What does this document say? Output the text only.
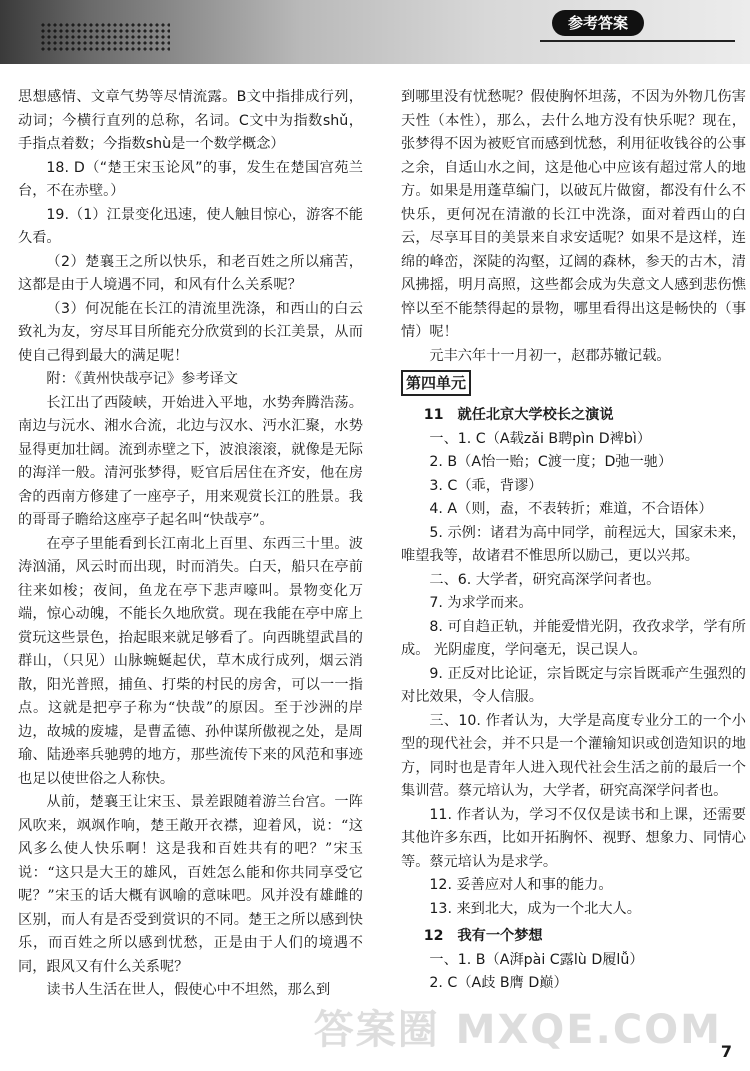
参考答案

思想感情、文章气势等尽情流露。B文中指排成行列，动词；今横行直列的总称，名词。C文中为指数shǔ，手指点着数；今指数shù是一个数学概念）

18. D（“楚王宋玉论风”的事，发生在楚国宫苑兰台，不在赤壁。）

19.（1）江景变化迅速，使人触目惊心，游客不能久看。

（2）楚襄王之所以快乐，和老百姓之所以痛苦，这都是由于人境遇不同，和风有什么关系呢？

（3）何况能在长江的清流里洗涤，和西山的白云致礼为友，穷尽耳目所能充分欣赏到的长江美景，从而使自己得到最大的满足呢！

附：《黄州快哉亭记》参考译文

长江出了西陵峡，开始进入平地，水势奔腾浩荡。南边与沅水、湘水合流，北边与汉水、沔水汇聚，水势显得更加壮阔。流到赤壁之下，波浪滚滚，就像是无际的海洋一般。清河张梦得，贬官后居住在齐安，他在房舍的西南方修建了一座亭子，用来观赏长江的胜景。我的哥哥子瞻给这座亭子起名叫“快哉亭”。

在亭子里能看到长江南北上百里、东西三十里。波涛汹涌，风云时而出现，时而消失。白天，船只在亭前往来如梭；夜间，鱼龙在亭下悲声嚎叫。景物变化万端，惊心动魄，不能长久地欣赏。现在我能在亭中席上赏玩这些景色，抬起眼来就足够看了。向西眺望武昌的群山，（只见）山脉蜿蜒起伏，草木成行成列，烟云消散，阳光普照，捕鱼、打柴的村民的房舍，可以一一指点。这就是把亭子称为“快哉”的原因。至于沙洲的岸边，故城的废墟，是曹孟德、孙仲谋所傲视之处，是周瑜、陆逊率兵驰骋的地方，那些流传下来的风范和事迹也足以使世俗之人称快。

从前，楚襄王让宋玉、景差跟随着游兰台宫。一阵风吹来，飒飒作响，楚王敞开衣襟，迎着风，说：“这风多么使人快乐啊！这是我和百姓共有的吧？”宋玉说：“这只是大王的雄风，百姓怎么能和你共同享受它呢？”宋玉的话大概有讽喻的意味吧。风并没有雄雌的区别，而人有是否受到赏识的不同。楚王之所以感到快乐，而百姓之所以感到忧愁，正是由于人们的境遇不同，跟风又有什么关系呢？

读书人生活在世人，假使心中不坦然，那么到

到哪里没有忧愁呢？假使胸怀坦荡，不因为外物几伤害天性（本性），那么，去什么地方没有快乐呢？现在，张梦得不因为被贬官而感到忧愁，利用征收钱谷的公事之余，自适山水之间，这是他心中应该有超过常人的地方。如果是用蓬草编门，以破瓦片做窗，都没有什么不快乐，更何况在清澈的长江中洗涤，面对着西山的白云，尽享耳目的美景来自求安适呢？如果不是这样，连绵的峰峦，深陡的沟壑，辽阔的森林，参天的古木，清风拂摇，明月高照，这些都会成为失意文人感到悲伤憔悴以至不能禁得起的景物，哪里看得出这是畅快的（事情）呢！

元丰六年十一月初一，赵郡苏辙记载。

第四单元

11 就任北京大学校长之演说

一、1. C（A载zǎi B聘pìn D裨bì）

2. B（A怡一贻；C渡一度；D弛一驰）

3. C（乖，背谬）

4. A（则，盍，不表转折；难道，不合语体）

5. 示例：诸君为高中同学，前程远大，国家未来，唯望我等，故诸君不惟思所以励己，更以兴邦。

二、6. 大学者，研究高深学问者也。

7. 为求学而来。

8. 可自趋正轨，并能爱惜光阴，孜孜求学，学有所成。 光阴虚度，学问毫无，误己误人。

9. 正反对比论证，宗旨既定与宗旨既乖产生强烈的对比效果，令人信服。

三、10. 作者认为，大学是高度专业分工的一个小型的现代社会，并不只是一个灌输知识或创造知识的地方，同时也是青年人进入现代社会生活之前的最后一个集训营。蔡元培认为，大学者，研究高深学问者也。

11. 作者认为，学习不仅仅是读书和上课，还需要其他许多东西，比如开拓胸怀、视野、想象力、同情心等。蔡元培认为是求学。

12. 妥善应对人和事的能力。

13. 来到北大，成为一个北大人。

12 我有一个梦想

一、1. B（A湃pài C露lù D履lǚ）

2. C（A歧 B膺 D巅）

答案圈 MXQE.COM
7
